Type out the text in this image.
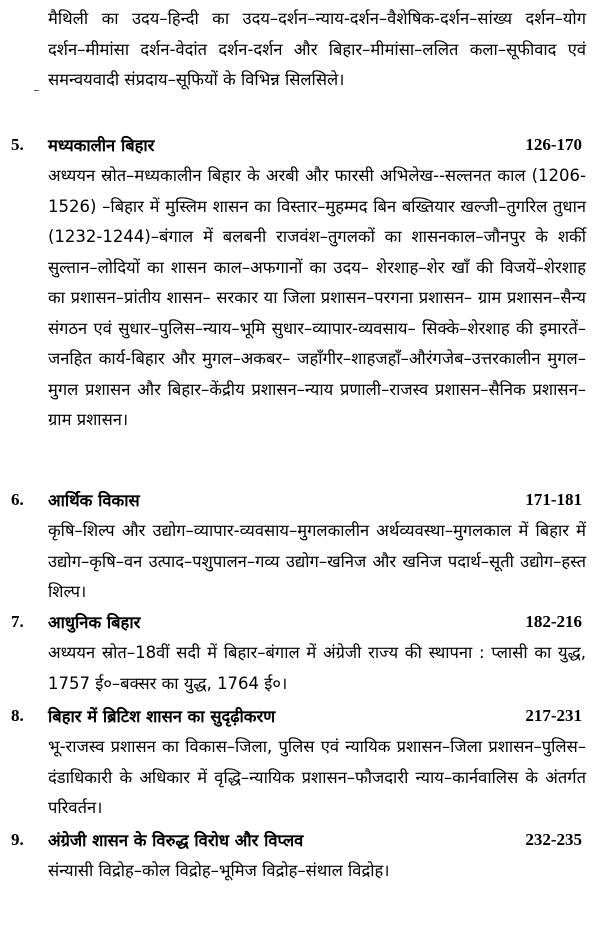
मैथिली का उदय–हिन्दी का उदय–दर्शन–न्याय-दर्शन–वैशेषिक-दर्शन–सांख्य दर्शन–योग दर्शन–मीमांसा दर्शन-वेदांत दर्शन-दर्शन और बिहार–मीमांसा–ललित कला–सूफीवाद एवं समन्वयवादी संप्रदाय–सूफियों के विभिन्न सिलसिले।
5. मध्यकालीन बिहार	126-170
अध्ययन स्रोत–मध्यकालीन बिहार के अरबी और फारसी अभिलेख--सल्तनत काल (1206-1526) –बिहार में मुस्लिम शासन का विस्तार–मुहम्मद बिन बख्तियार खल्जी–तुगरिल तुधान (1232-1244)–बंगाल में बलबनी राजवंश–तुगलकों का शासनकाल–जौनपुर के शर्की सुल्तान–लोदियों का शासन काल–अफगानों का उदय– शेरशाह–शेर खाँ की विजयें–शेरशाह का प्रशासन–प्रांतीय शासन– सरकार या जिला प्रशासन–परगना प्रशासन– ग्राम प्रशासन–सैन्य संगठन एवं सुधार–पुलिस–न्याय–भूमि सुधार–व्यापार-व्यवसाय– सिक्के–शेरशाह की इमारतें–जनहित कार्य-बिहार और मुगल–अकबर– जहाँगीर–शाहजहाँ–औरंगजेब–उत्तरकालीन मुगल– मुगल प्रशासन और बिहार–केंद्रीय प्रशासन–न्याय प्रणाली–राजस्व प्रशासन–सैनिक प्रशासन–ग्राम प्रशासन।
6. आर्थिक विकास	171-181
कृषि–शिल्प और उद्योग–व्यापार-व्यवसाय–मुगलकालीन अर्थव्यवस्था–मुगलकाल में बिहार में उद्योग–कृषि–वन उत्पाद–पशुपालन–गव्य उद्योग–खनिज और खनिज पदार्थ–सूती उद्योग–हस्त शिल्प।
7. आधुनिक बिहार	182-216
अध्ययन स्रोत–18वीं सदी में बिहार–बंगाल में अंग्रेजी राज्य की स्थापना : प्लासी का युद्ध, 1757 ई०–बक्सर का युद्ध, 1764 ई०।
8. बिहार में ब्रिटिश शासन का सुदृढ़ीकरण	217-231
भू-राजस्व प्रशासन का विकास–जिला, पुलिस एवं न्यायिक प्रशासन–जिला प्रशासन–पुलिस–दंडाधिकारी के अधिकार में वृद्धि–न्यायिक प्रशासन–फौजदारी न्याय–कार्नवालिस के अंतर्गत परिवर्तन।
9. अंग्रेजी शासन के विरुद्ध विरोध और विप्लव	232-235
संन्यासी विद्रोह–कोल विद्रोह–भूमिज विद्रोह–संथाल विद्रोह।
